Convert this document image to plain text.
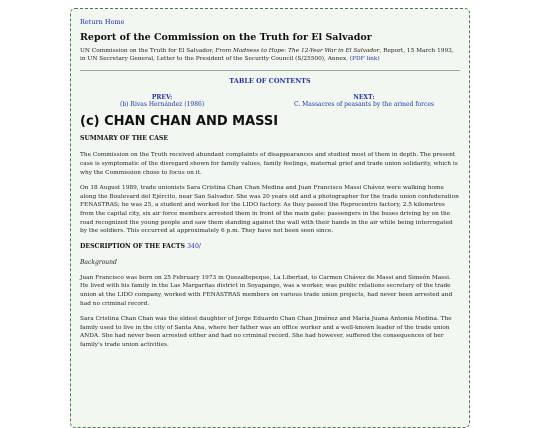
Return Home
Report of the Commission on the Truth for El Salvador

UN Commission on the Truth for El Salvador, From Madness to Hope: The 12-Year War in El Salvador, Report, 15 March 1993, in UN Secretary General, Letter to the President of the Security Council (S/25500), Annex. (PDF link)

TABLE OF CONTENTS
PREV:
(b) Rivas Hernández (1986)
NEXT:
C. Massacres of peasants by the armed forces
(c) CHAN CHAN AND MASSI
SUMMARY OF THE CASE

The Commission on the Truth received abundant complaints of disappearances and studied most of them in depth. The present case is symptomatic of the disregard shown for family values, family feelings, maternal grief and trade union solidarity, which is why the Commission chose to focus on it.

On 18 August 1989, trade unionists Sara Cristina Chan Chan Medina and Juan Francisco Massi Chávez were walking home along the Boulevard del Ejército, near San Salvador. She was 20 years old and a photographer for the trade union confederation FENASTRAS; he was 25, a student and worked for the LIDO factory. As they passed the Reprocentro factory, 2.5 kilometres from the capital city, six air force members arrested them in front of the main gate: passengers in the buses driving by on the road recognized the young people and saw them standing against the wall with their hands in the air while being interrogated by the soldiers. This occurred at approximately 6 p.m. They have not been seen since.

DESCRIPTION OF THE FACTS 340/
Background

Juan Francisco was born on 25 February 1973 in Quezaltepeque, La Libertad, to Carmen Chávez de Massi and Simeón Massi. He lived with his family in the Las Margaritas district in Soyapango, was a worker, was public relations secretary of the trade union at the LIDO company, worked with FENASTRAS members on various trade union projects, had never been arrested and had no criminal record.

Sara Cristina Chan Chan was the eldest daughter of Jorge Eduardo Chan Chan Jiménez and María Juana Antonia Medina. The family used to live in the city of Santa Ana, where her father was an office worker and a well-known leader of the trade union ANDA. She had never been arrested either and had no criminal record. She had however, suffered the consequences of her family's trade union activities.
